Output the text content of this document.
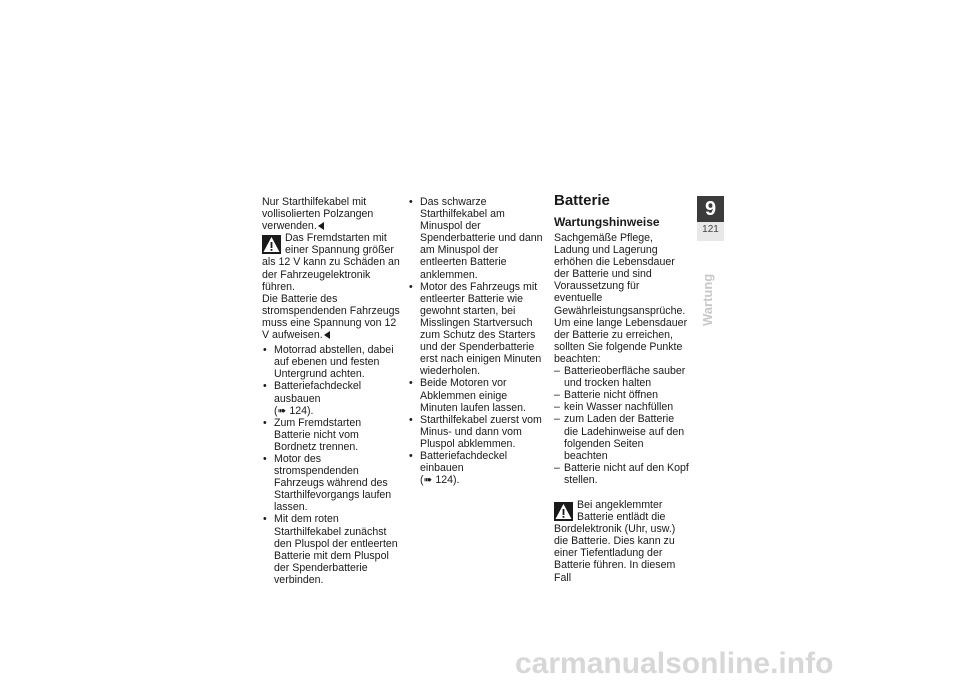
Nur Starthilfekabel mit vollisolierten Polzangen verwenden.

Das Fremdstarten mit einer Spannung größer als 12 V kann zu Schäden an der Fahrzeugelektronik führen.

Die Batterie des stromspendenden Fahrzeugs muss eine Spannung von 12 V aufweisen.

• Motorrad abstellen, dabei auf ebenen und festen Untergrund achten.
• Batteriefachdeckel ausbauen
(➠ 124).
• Zum Fremdstarten Batterie nicht vom Bordnetz trennen.
• Motor des stromspendenden Fahrzeugs während des Starthilfevorgangs laufen lassen.
• Mit dem roten Starthilfekabel zunächst den Pluspol der entleerten Batterie mit dem Pluspol der Spenderbatterie verbinden.
• Das schwarze Starthilfekabel am Minuspol der Spenderbatterie und dann am Minuspol der entleerten Batterie anklemmen.
• Motor des Fahrzeugs mit entleerter Batterie wie gewohnt starten, bei Misslingen Startversuch zum Schutz des Starters und der Spenderbatterie erst nach einigen Minuten wiederholen.
• Beide Motoren vor Abklemmen einige Minuten laufen lassen.
• Starthilfekabel zuerst vom Minus- und dann vom Pluspol abklemmen.
• Batteriefachdeckel einbauen
(➠ 124).
Batterie
Wartungshinweise

Sachgemäße Pflege, Ladung und Lagerung erhöhen die Lebensdauer der Batterie und sind Voraussetzung für eventuelle Gewährleistungsansprüche.

Um eine lange Lebensdauer der Batterie zu erreichen, sollten Sie folgende Punkte beachten:

– Batterieoberfläche sauber und trocken halten
– Batterie nicht öffnen
– kein Wasser nachfüllen
– zum Laden der Batterie die Ladehinweise auf den folgenden Seiten beachten
– Batterie nicht auf den Kopf stellen.

Bei angeklemmter Batterie entlädt die Bordelektronik (Uhr, usw.) die Batterie. Dies kann zu einer Tiefentladung der Batterie führen. In diesem Fall

9
121
Wartung
carmanualsonline.info
